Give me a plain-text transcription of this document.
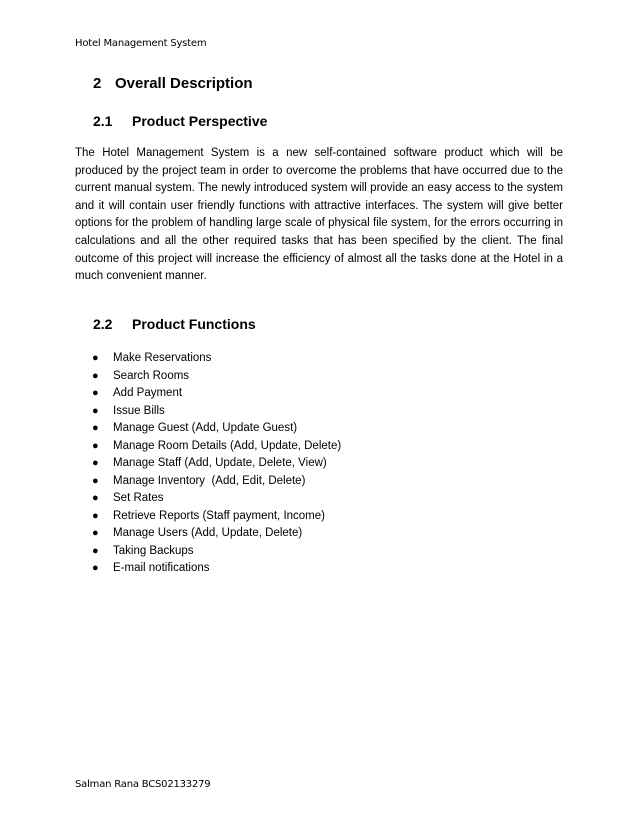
Hotel Management System
2 Overall Description
2.1 Product Perspective

The Hotel Management System is a new self-contained software product which will be produced by the project team in order to overcome the problems that have occurred due to the current manual system. The newly introduced system will provide an easy access to the system and it will contain user friendly functions with attractive interfaces. The system will give better options for the problem of handling large scale of physical file system, for the errors occurring in calculations and all the other required tasks that has been specified by the client. The final outcome of this project will increase the efficiency of almost all the tasks done at the Hotel in a much convenient manner.

2.2 Product Functions
● Make Reservations
● Search Rooms
● Add Payment
● Issue Bills
● Manage Guest (Add, Update Guest)
● Manage Room Details (Add, Update, Delete)
● Manage Staff (Add, Update, Delete, View)
● Manage Inventory  (Add, Edit, Delete)
● Set Rates
● Retrieve Reports (Staff payment, Income)
● Manage Users (Add, Update, Delete)
● Taking Backups
● E-mail notifications
Salman Rana BCS02133279
